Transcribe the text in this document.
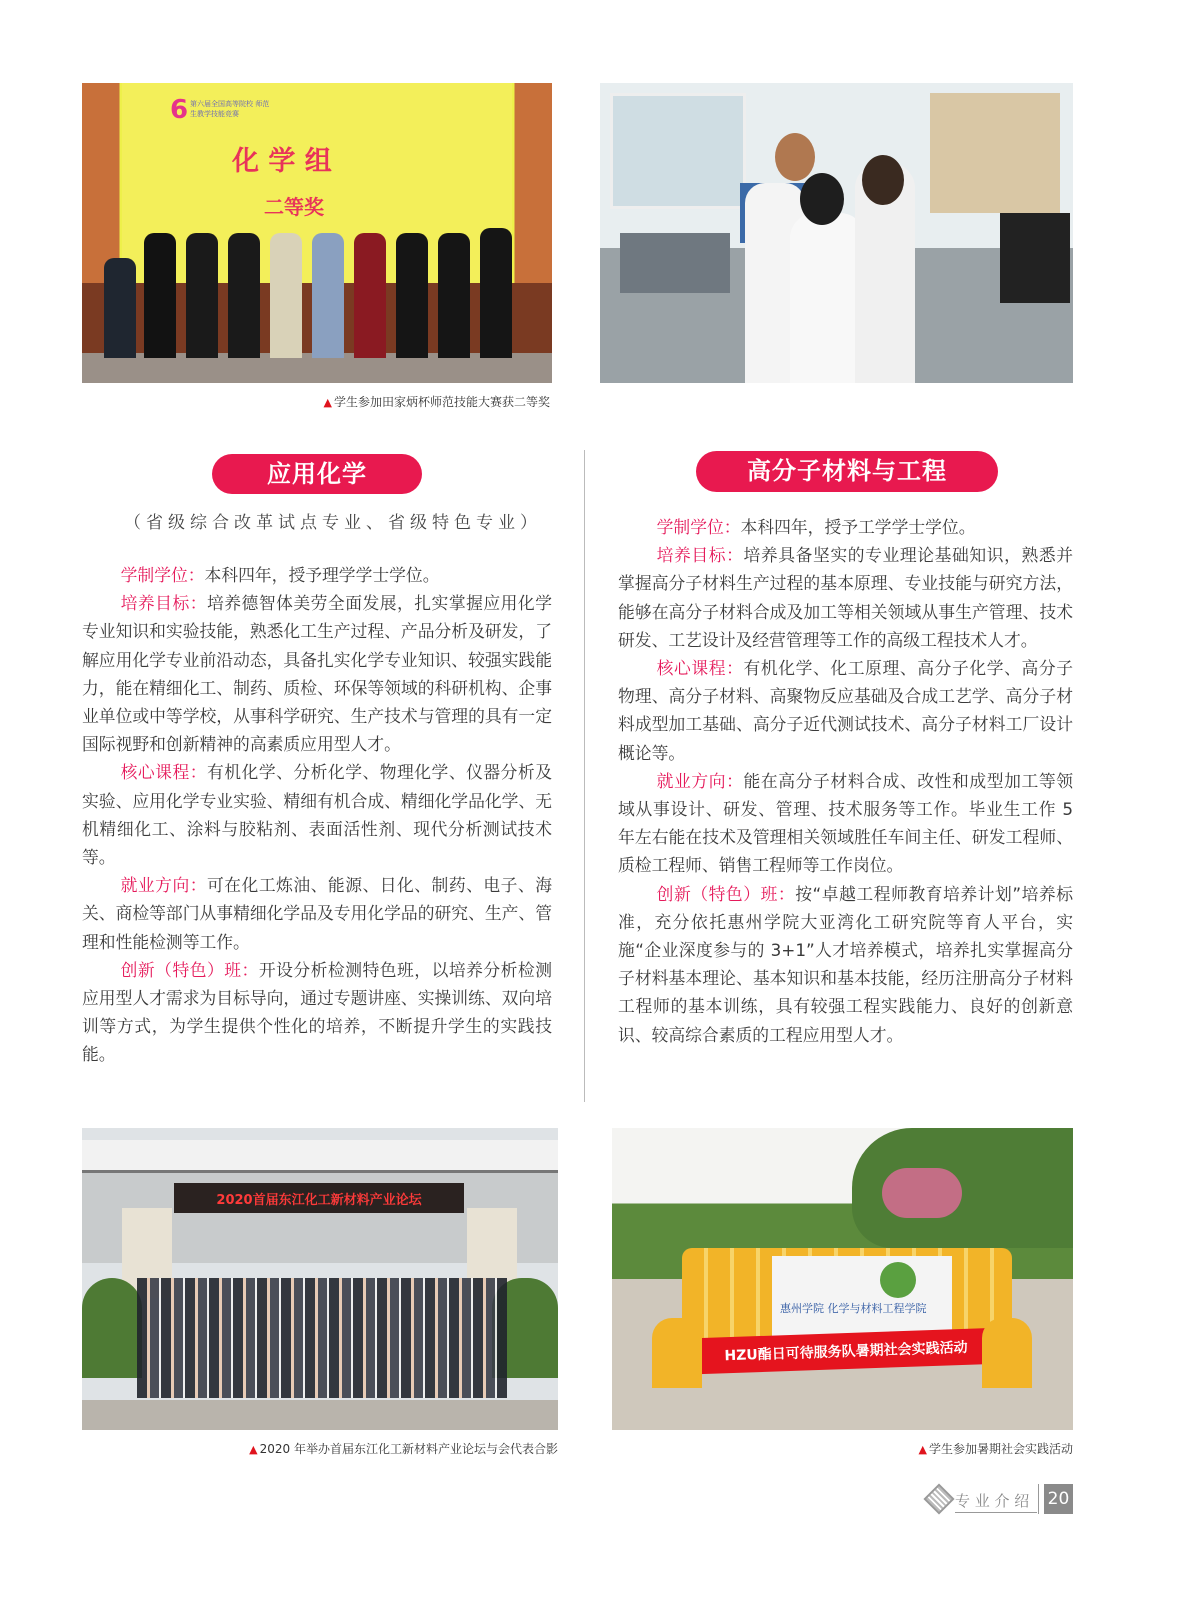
6 第六届全国高等院校 师范生教学技能竞赛
化 学 组
二等奖
▲ 学生参加田家炳杯师范技能大赛获二等奖
应用化学
（省级综合改革试点专业、省级特色专业）

学制学位：本科四年，授予理学学士学位。

培养目标：培养德智体美劳全面发展，扎实掌握应用化学专业知识和实验技能，熟悉化工生产过程、产品分析及研发，了解应用化学专业前沿动态，具备扎实化学专业知识、较强实践能力，能在精细化工、制药、质检、环保等领域的科研机构、企事业单位或中等学校，从事科学研究、生产技术与管理的具有一定国际视野和创新精神的高素质应用型人才。

核心课程：有机化学、分析化学、物理化学、仪器分析及实验、应用化学专业实验、精细有机合成、精细化学品化学、无机精细化工、涂料与胶粘剂、表面活性剂、现代分析测试技术等。

就业方向：可在化工炼油、能源、日化、制药、电子、海关、商检等部门从事精细化学品及专用化学品的研究、生产、管理和性能检测等工作。

创新（特色）班：开设分析检测特色班，以培养分析检测应用型人才需求为目标导向，通过专题讲座、实操训练、双向培训等方式，为学生提供个性化的培养，不断提升学生的实践技能。

高分子材料与工程

学制学位：本科四年，授予工学学士学位。

培养目标：培养具备坚实的专业理论基础知识，熟悉并掌握高分子材料生产过程的基本原理、专业技能与研究方法，能够在高分子材料合成及加工等相关领域从事生产管理、技术研发、工艺设计及经营管理等工作的高级工程技术人才。

核心课程：有机化学、化工原理、高分子化学、高分子物理、高分子材料、高聚物反应基础及合成工艺学、高分子材料成型加工基础、高分子近代测试技术、高分子材料工厂设计概论等。

就业方向：能在高分子材料合成、改性和成型加工等领域从事设计、研发、管理、技术服务等工作。毕业生工作 5 年左右能在技术及管理相关领域胜任车间主任、研发工程师、质检工程师、销售工程师等工作岗位。

创新（特色）班：按“卓越工程师教育培养计划”培养标准，充分依托惠州学院大亚湾化工研究院等育人平台，实施“企业深度参与的 3+1”人才培养模式，培养扎实掌握高分子材料基本理论、基本知识和基本技能，经历注册高分子材料工程师的基本训练，具有较强工程实践能力、良好的创新意识、较高综合素质的工程应用型人才。

2020首届东江化工新材料产业论坛
▲ 2020 年举办首届东江化工新材料产业论坛与会代表合影
惠州学院 化学与材料工程学院
HZU酯日可待服务队暑期社会实践活动
▲ 学生参加暑期社会实践活动
专 业 介 绍 20
